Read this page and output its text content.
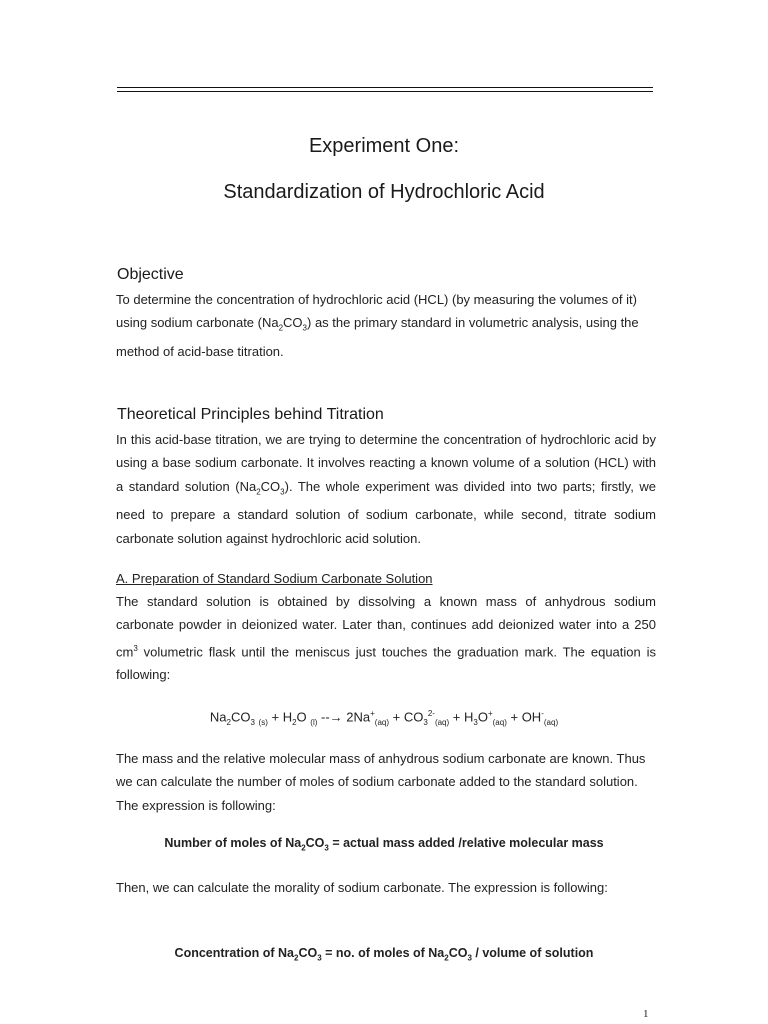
Experiment One:
Standardization of Hydrochloric Acid
Objective
To determine the concentration of hydrochloric acid (HCL) (by measuring the volumes of it) using sodium carbonate $(Na_2CO_3)$ as the primary standard in volumetric analysis, using the method of acid-base titration.
Theoretical Principles behind Titration
In this acid-base titration, we are trying to determine the concentration of hydrochloric acid by using a base sodium carbonate. It involves reacting a known volume of a solution (HCL) with a standard solution $(Na_2CO_3)$. The whole experiment was divided into two parts; firstly, we need to prepare a standard solution of sodium carbonate, while second, titrate sodium carbonate solution against hydrochloric acid solution.
A. Preparation of Standard Sodium Carbonate Solution
The standard solution is obtained by dissolving a known mass of anhydrous sodium carbonate powder in deionized water. Later than, continues add deionized water into a 250 $cm^3$ volumetric flask until the meniscus just touches the graduation mark. The equation is following:
$Na_2CO_3$ $_{(s)} + H_2O$ $_{(l)}$ --→ $2Na^+_{(aq)} + CO_3^{2-}_{(aq)} + H_3O^+_{(aq)} + OH^-_{(aq)}$
The mass and the relative molecular mass of anhydrous sodium carbonate are known. Thus we can calculate the number of moles of sodium carbonate added to the standard solution. The expression is following:
Number of moles of $Na_2CO_3$ = actual mass added /relative molecular mass
Then, we can calculate the morality of sodium carbonate. The expression is following:
Concentration of $Na_2CO_3$ = no. of moles of $Na_2CO_3$ / volume of solution
1
